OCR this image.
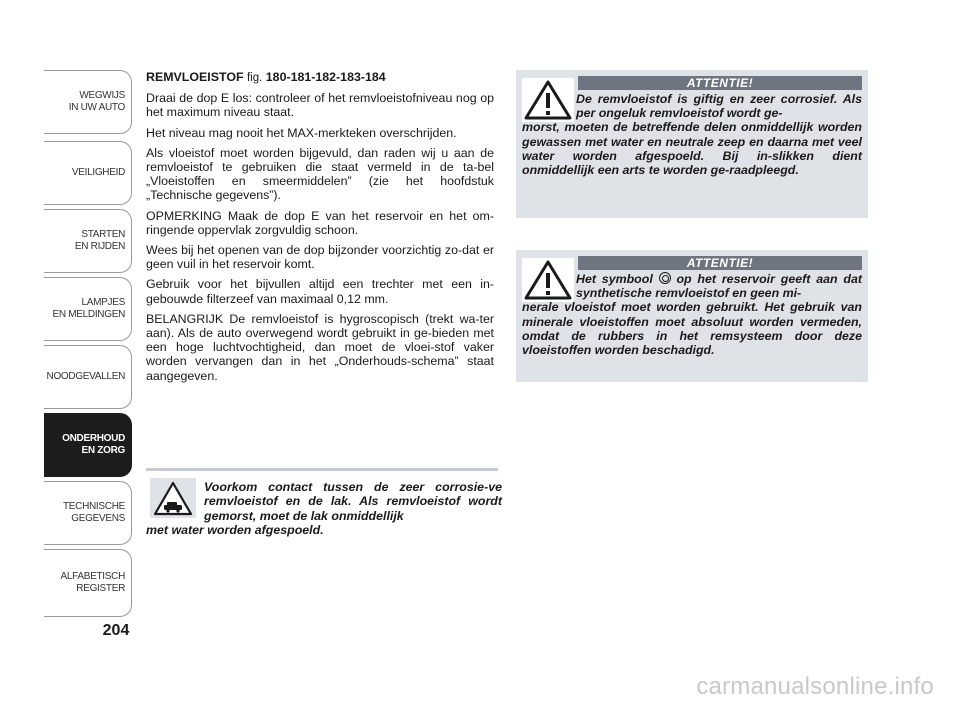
WEGWIJS
IN UW AUTO
VEILIGHEID
STARTEN
EN RIJDEN
LAMPJES
EN MELDINGEN
NOODGEVALLEN
ONDERHOUD
EN ZORG
TECHNISCHE
GEGEVENS
ALFABETISCH
REGISTER
204

REMVLOEISTOF fig. 180-181-182-183-184

Draai de dop E los: controleer of het remvloeistofniveau nog op het maximum niveau staat.

Het niveau mag nooit het MAX-merkteken overschrijden.

Als vloeistof moet worden bijgevuld, dan raden wij u aan de remvloeistof te gebruiken die staat vermeld in de ta-bel „Vloeistoffen en smeermiddelen” (zie het hoofdstuk „Technische gegevens”).

OPMERKING Maak de dop E van het reservoir en het om-ringende oppervlak zorgvuldig schoon.

Wees bij het openen van de dop bijzonder voorzichtig zo-dat er geen vuil in het reservoir komt.

Gebruik voor het bijvullen altijd een trechter met een in-gebouwde filterzeef van maximaal 0,12 mm.

BELANGRIJK De remvloeistof is hygroscopisch (trekt wa-ter aan). Als de auto overwegend wordt gebruikt in ge-bieden met een hoge luchtvochtigheid, dan moet de vloei-stof vaker worden vervangen dan in het „Onderhouds-schema” staat aangegeven.

Voorkom contact tussen de zeer corrosie-ve remvloeistof en de lak. Als remvloeistof wordt gemorst, moet de lak onmiddellijk
met water worden afgespoeld.
ATTENTIE!
De remvloeistof is giftig en zeer corrosief. Als per ongeluk remvloeistof wordt ge-
morst, moeten de betreffende delen onmiddellijk worden gewassen met water en neutrale zeep en daarna met veel water worden afgespoeld. Bij in-slikken dient onmiddellijk een arts te worden ge-raadpleegd.
ATTENTIE!
Het symbool op het reservoir geeft aan dat synthetische remvloeistof en geen mi-
nerale vloeistof moet worden gebruikt. Het gebruik van minerale vloeistoffen moet absoluut worden vermeden, omdat de rubbers in het remsysteem door deze vloeistoffen worden beschadigd.
carmanualsonline.info
